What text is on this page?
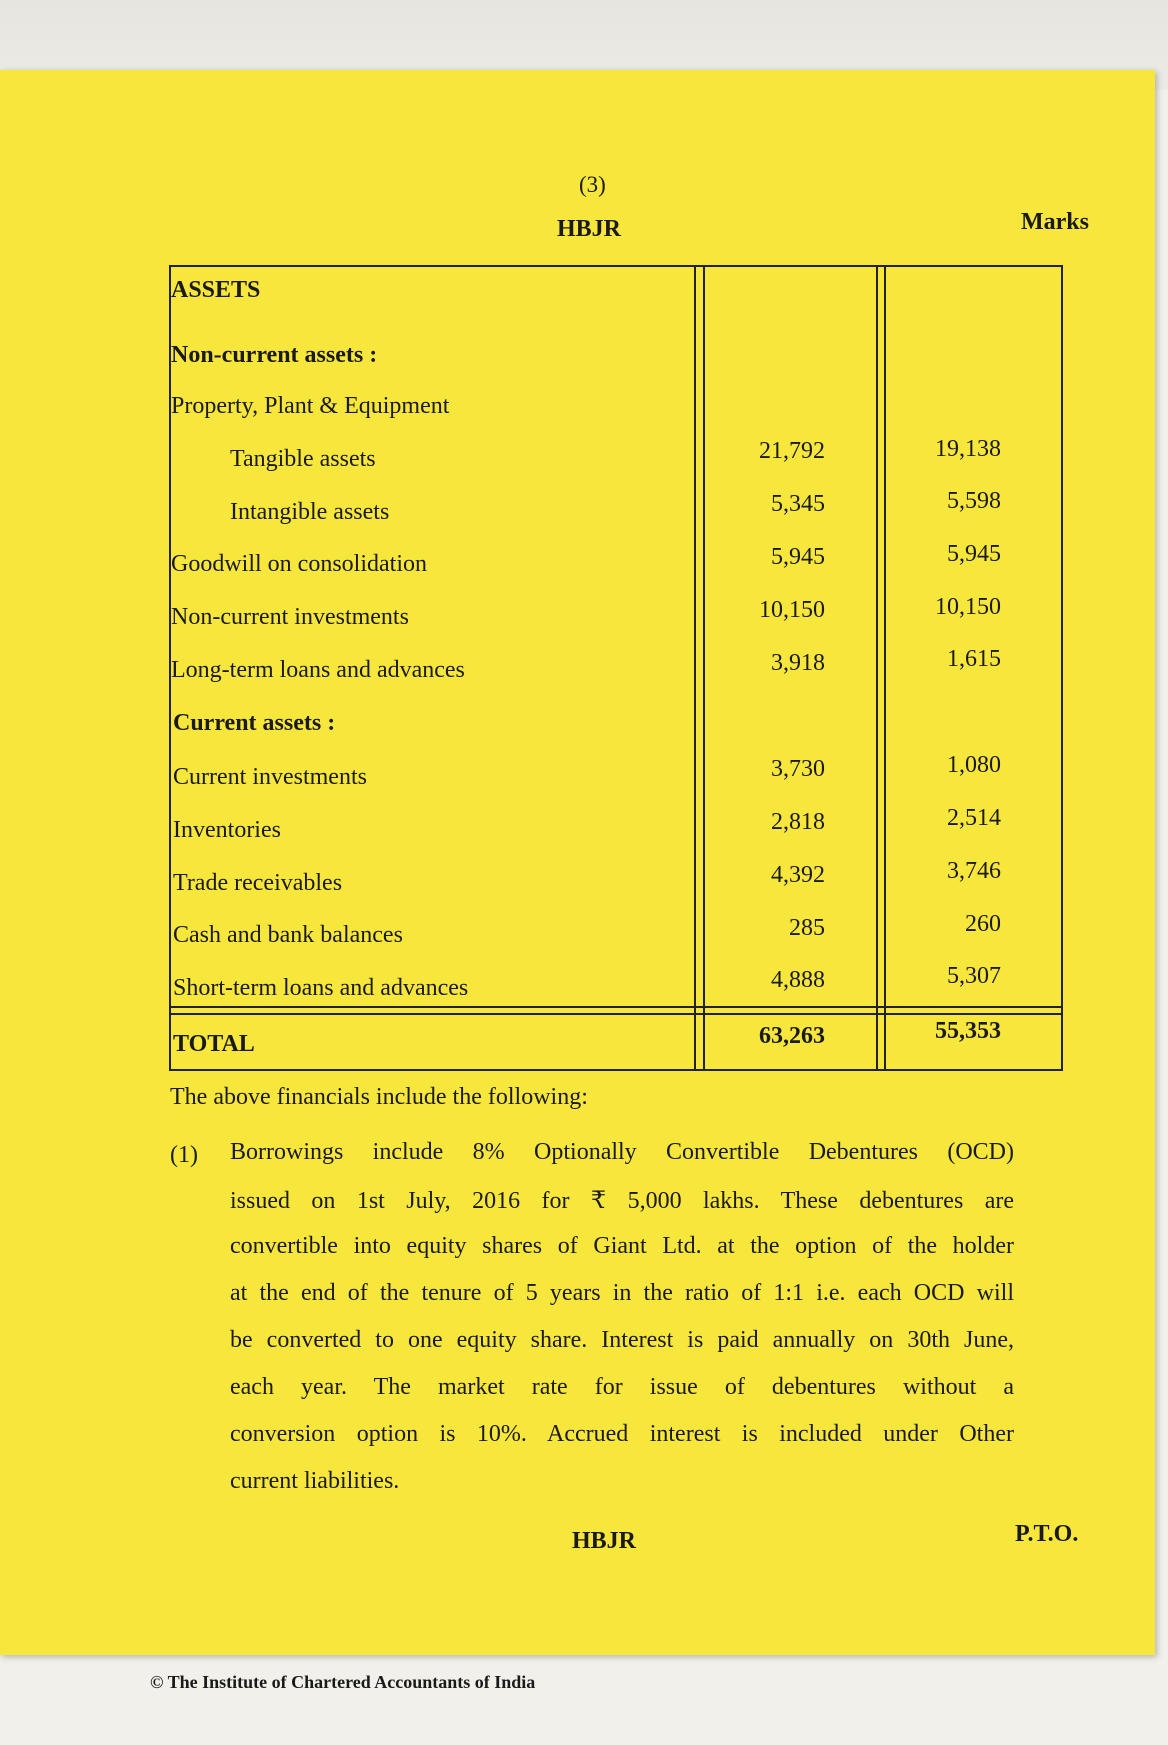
(3)
HBJR	Marks
ASSETS
Non-current assets :
Property, Plant & Equipment
Tangible assets	21,792	19,138
Intangible assets	5,345	5,598
Goodwill on consolidation	5,945	5,945
Non-current investments	10,150	10,150
Long-term loans and advances	3,918	1,615
Current assets :
Current investments	3,730	1,080
Inventories	2,818	2,514
Trade receivables	4,392	3,746
Cash and bank balances	285	260
Short-term loans and advances	4,888	5,307
TOTAL	63,263	55,353
The above financials include the following:
(1) Borrowings include 8% Optionally Convertible Debentures (OCD)
issued on 1st July, 2016 for ₹ 5,000 lakhs. These debentures are
convertible into equity shares of Giant Ltd. at the option of the holder
at the end of the tenure of 5 years in the ratio of 1:1 i.e. each OCD will
be converted to one equity share. Interest is paid annually on 30th June,
each year. The market rate for issue of debentures without a
conversion option is 10%. Accrued interest is included under Other
current liabilities.
HBJR	P.T.O.
© The Institute of Chartered Accountants of India
